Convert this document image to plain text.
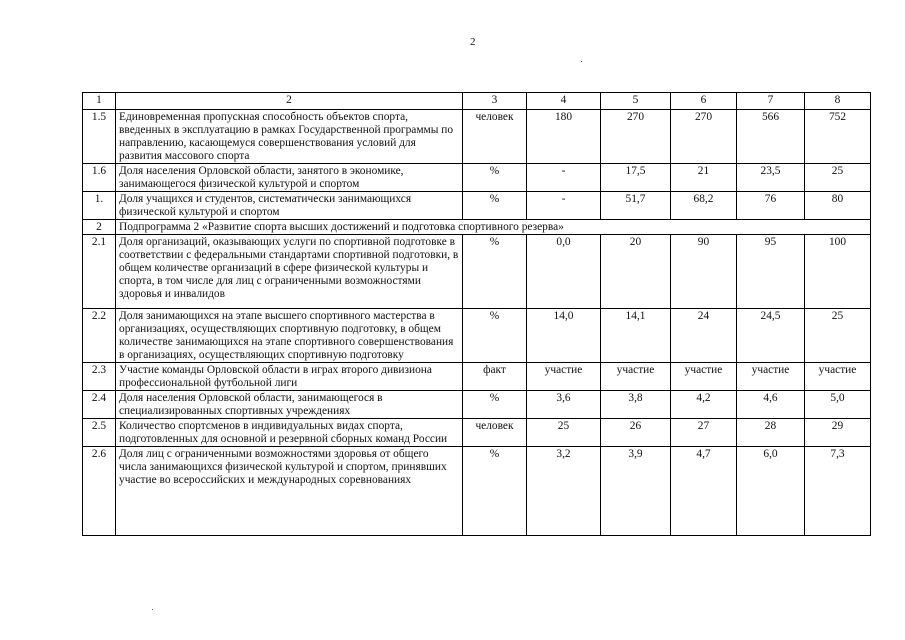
2
1	2	3	4	5	6	7	8
1.5	Единовременная пропускная способность объектов спорта, введенных в эксплуатацию в рамках Государственной программы по направлению, касающемуся совершенствования условий для развития массового спорта	человек	180	270	270	566	752
1.6	Доля населения Орловской области, занятого в экономике, занимающегося физической культурой и спортом	%	-	17,5	21	23,5	25
1.	Доля учащихся и студентов, систематически занимающихся физической культурой и спортом	%	-	51,7	68,2	76	80
2	Подпрограмма 2 «Развитие спорта высших достижений и подготовка спортивного резерва»						
2.1	Доля организаций, оказывающих услуги по спортивной подготовке в соответствии с федеральными стандартами спортивной подготовки, в общем количестве организаций в сфере физической культуры и спорта, в том числе для лиц с ограниченными возможностями здоровья и инвалидов	%	0,0	20	90	95	100
2.2	Доля занимающихся на этапе высшего спортивного мастерства в организациях, осуществляющих спортивную подготовку, в общем количестве занимающихся на этапе спортивного совершенствования в организациях, осуществляющих спортивную подготовку	%	14,0	14,1	24	24,5	25
2.3	Участие команды Орловской области в играх второго дивизиона профессиональной футбольной лиги	факт	участие	участие	участие	участие	участие
2.4	Доля населения Орловской области, занимающегося в специализированных спортивных учреждениях	%	3,6	3,8	4,2	4,6	5,0
2.5	Количество спортсменов в индивидуальных видах спорта, подготовленных для основной и резервной сборных команд России	человек	25	26	27	28	29
2.6	Доля лиц с ограниченными возможностями здоровья от общего числа занимающихся физической культурой и спортом, принявших участие во всероссийских и международных соревнованиях	%	3,2	3,9	4,7	6,0	7,3
